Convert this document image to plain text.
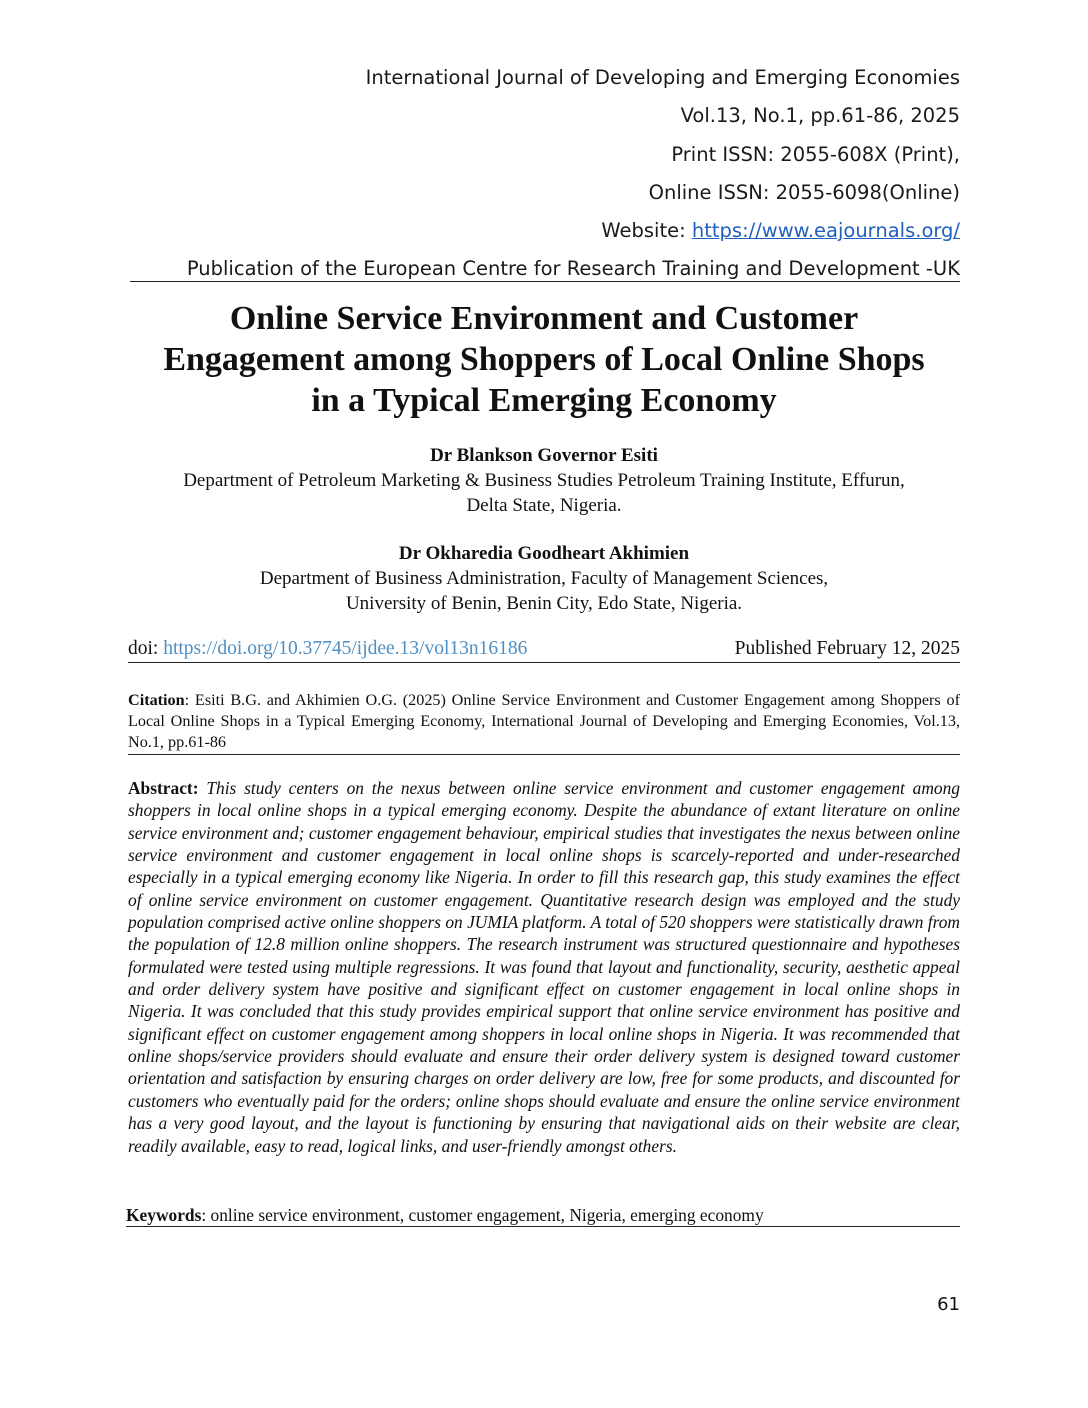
International Journal of Developing and Emerging Economies
Vol.13, No.1, pp.61-86, 2025
Print ISSN: 2055-608X (Print),
Online ISSN: 2055-6098(Online)
Website: https://www.eajournals.org/
Publication of the European Centre for Research Training and Development -UK
Online Service Environment and Customer
Engagement among Shoppers of Local Online Shops
in a Typical Emerging Economy
Dr Blankson Governor Esiti
Department of Petroleum Marketing & Business Studies Petroleum Training Institute, Effurun,
Delta State, Nigeria.
Dr Okharedia Goodheart Akhimien
Department of Business Administration, Faculty of Management Sciences,
University of Benin, Benin City, Edo State, Nigeria.
doi: https://doi.org/10.37745/ijdee.13/vol13n16186	Published February 12, 2025
Citation: Esiti B.G. and Akhimien O.G. (2025) Online Service Environment and Customer Engagement among Shoppers of Local Online Shops in a Typical Emerging Economy, International Journal of Developing and Emerging Economies, Vol.13, No.1, pp.61-86
Abstract: This study centers on the nexus between online service environment and customer engagement among shoppers in local online shops in a typical emerging economy. Despite the abundance of extant literature on online service environment and; customer engagement behaviour, empirical studies that investigates the nexus between online service environment and customer engagement in local online shops is scarcely-reported and under-researched especially in a typical emerging economy like Nigeria. In order to fill this research gap, this study examines the effect of online service environment on customer engagement. Quantitative research design was employed and the study population comprised active online shoppers on JUMIA platform. A total of 520 shoppers were statistically drawn from the population of 12.8 million online shoppers. The research instrument was structured questionnaire and hypotheses formulated were tested using multiple regressions. It was found that layout and functionality, security, aesthetic appeal and order delivery system have positive and significant effect on customer engagement in local online shops in Nigeria. It was concluded that this study provides empirical support that online service environment has positive and significant effect on customer engagement among shoppers in local online shops in Nigeria. It was recommended that online shops/service providers should evaluate and ensure their order delivery system is designed toward customer orientation and satisfaction by ensuring charges on order delivery are low, free for some products, and discounted for customers who eventually paid for the orders; online shops should evaluate and ensure the online service environment has a very good layout, and the layout is functioning by ensuring that navigational aids on their website are clear, readily available, easy to read, logical links, and user-friendly amongst others.
Keywords: online service environment, customer engagement, Nigeria, emerging economy
61
